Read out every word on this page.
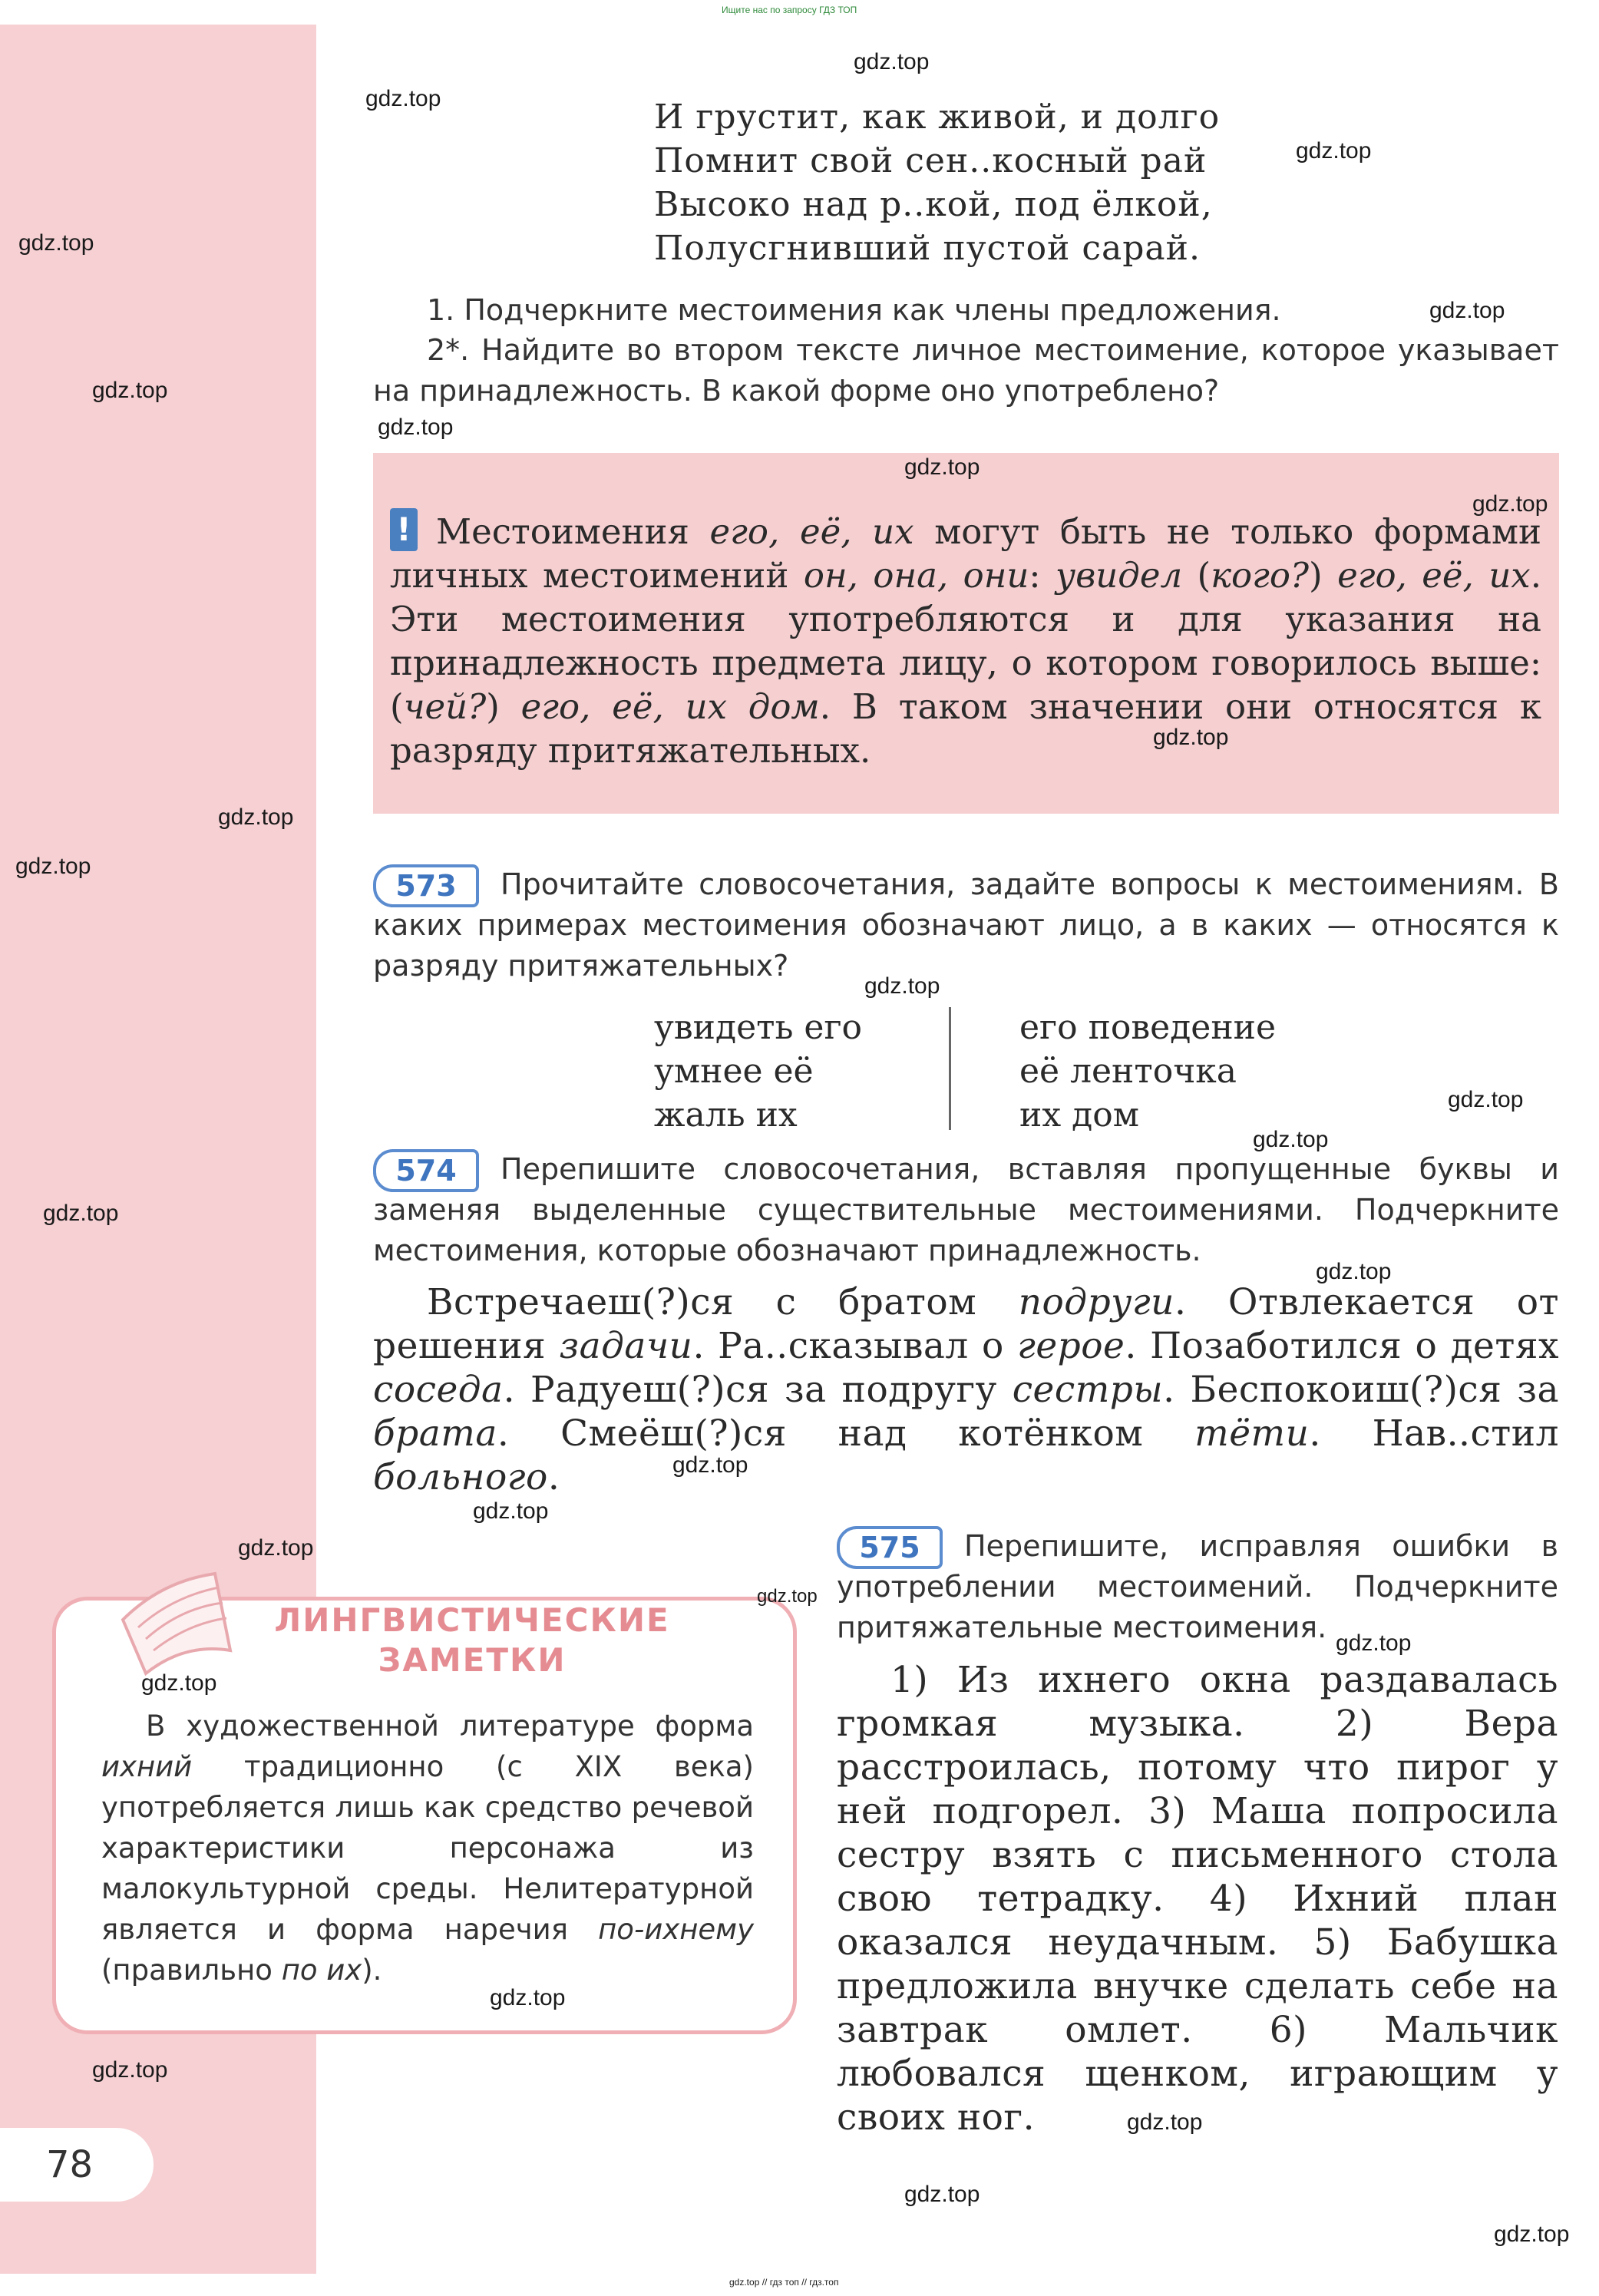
Ищите нас по запросу ГДЗ ТОП
И грустит, как живой, и долго
Помнит свой сен..косный рай
Высоко над р..кой, под ёлкой,
Полусгнивший пустой сарай.
1. Подчеркните местоимения как члены предложения.
2*. Найдите во втором тексте личное местоимение, которое указывает на принадлежность. В какой форме оно употреблено?
! Местоимения его, её, их могут быть не только формами личных местоимений он, она, они: увидел (кого?) его, её, их. Эти местоимения употребляются и для указания на принадлежность предмета лицу, о котором говорилось выше: (чей?) его, её, их дом. В таком значении они относятся к разряду притяжательных.
573	Прочитайте словосочетания, задайте вопросы к местоимениям. В каких примерах местоимения обозначают лицо, а в каких — относятся к разряду притяжательных?
увидеть его
умнее её
жаль их
его поведение
её ленточка
их дом
574	Перепишите словосочетания, вставляя пропущенные буквы и заменяя выделенные существительные местоимениями. Подчеркните местоимения, которые обозначают принадлежность.
Встречаеш(?)ся с братом подруги. Отвлекается от решения задачи. Ра..сказывал о герое. Позаботился о детях соседа. Радуеш(?)ся за подругу сестры. Беспокоиш(?)ся за брата. Смеёш(?)ся над котёнком тёти. Нав..стил больного.
575	Перепишите, исправляя ошибки в употреблении местоимений. Подчеркните притяжательные местоимения.
1) Из ихнего окна раздавалась громкая музыка. 2) Вера расстроилась, потому что пирог у ней подгорел. 3) Маша попросила сестру взять с письменного стола свою тетрадку. 4) Ихний план оказался неудачным. 5) Бабушка предложила внучке сделать себе на завтрак омлет. 6) Мальчик любовался щенком, играющим у своих ног.
ЛИНГВИСТИЧЕСКИЕ
ЗАМЕТКИ
В художественной литературе форма ихний традиционно (с XIX века) употребляется лишь как средство речевой характеристики персонажа из малокультурной среды. Нелитературной является и форма наречия по-ихнему (правильно по их).
78
gdz.top
gdz.top
gdz.top
gdz.top
gdz.top
gdz.top
gdz.top
gdz.top
gdz.top
gdz.top
gdz.top
gdz.top
gdz.top
gdz.top
gdz.top
gdz.top
gdz.top
gdz.top
gdz.top
gdz.top
gdz.top
gdz.top
gdz.top
gdz.top
gdz.top
gdz.top
gdz.top
gdz.top
gdz.top // гдз топ // гдз.топ
